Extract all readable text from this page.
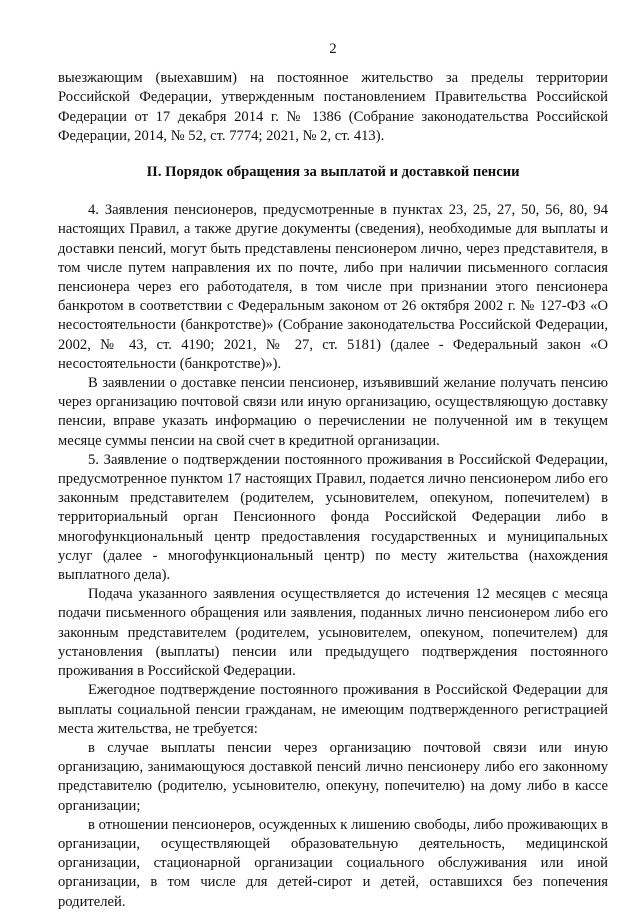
2

выезжающим (выехавшим) на постоянное жительство за пределы территории Российской Федерации, утвержденным постановлением Правительства Российской Федерации от 17 декабря 2014 г. № 1386 (Собрание законодательства Российской Федерации, 2014, № 52, ст. 7774; 2021, № 2, ст. 413).

II. Порядок обращения за выплатой и доставкой пенсии

4. Заявления пенсионеров, предусмотренные в пунктах 23, 25, 27, 50, 56, 80, 94 настоящих Правил, а также другие документы (сведения), необходимые для выплаты и доставки пенсий, могут быть представлены пенсионером лично, через представителя, в том числе путем направления их по почте, либо при наличии письменного согласия пенсионера через его работодателя, в том числе при признании этого пенсионера банкротом в соответствии с Федеральным законом от 26 октября 2002 г. № 127-ФЗ «О несостоятельности (банкротстве)» (Собрание законодательства Российской Федерации, 2002, № 43, ст. 4190; 2021, № 27, ст. 5181) (далее - Федеральный закон «О несостоятельности (банкротстве)»).

В заявлении о доставке пенсии пенсионер, изъявивший желание получать пенсию через организацию почтовой связи или иную организацию, осуществляющую доставку пенсии, вправе указать информацию о перечислении не полученной им в текущем месяце суммы пенсии на свой счет в кредитной организации.

5. Заявление о подтверждении постоянного проживания в Российской Федерации, предусмотренное пунктом 17 настоящих Правил, подается лично пенсионером либо его законным представителем (родителем, усыновителем, опекуном, попечителем) в территориальный орган Пенсионного фонда Российской Федерации либо в многофункциональный центр предоставления государственных и муниципальных услуг (далее - многофункциональный центр) по месту жительства (нахождения выплатного дела).

Подача указанного заявления осуществляется до истечения 12 месяцев с месяца подачи письменного обращения или заявления, поданных лично пенсионером либо его законным представителем (родителем, усыновителем, опекуном, попечителем) для установления (выплаты) пенсии или предыдущего подтверждения постоянного проживания в Российской Федерации.

Ежегодное подтверждение постоянного проживания в Российской Федерации для выплаты социальной пенсии гражданам, не имеющим подтвержденного регистрацией места жительства, не требуется:

в случае выплаты пенсии через организацию почтовой связи или иную организацию, занимающуюся доставкой пенсий лично пенсионеру либо его законному представителю (родителю, усыновителю, опекуну, попечителю) на дому либо в кассе организации;

в отношении пенсионеров, осужденных к лишению свободы, либо проживающих в организации, осуществляющей образовательную деятельность, медицинской организации, стационарной организации социального обслуживания или иной организации, в том числе для детей-сирот и детей, оставшихся без попечения родителей.
